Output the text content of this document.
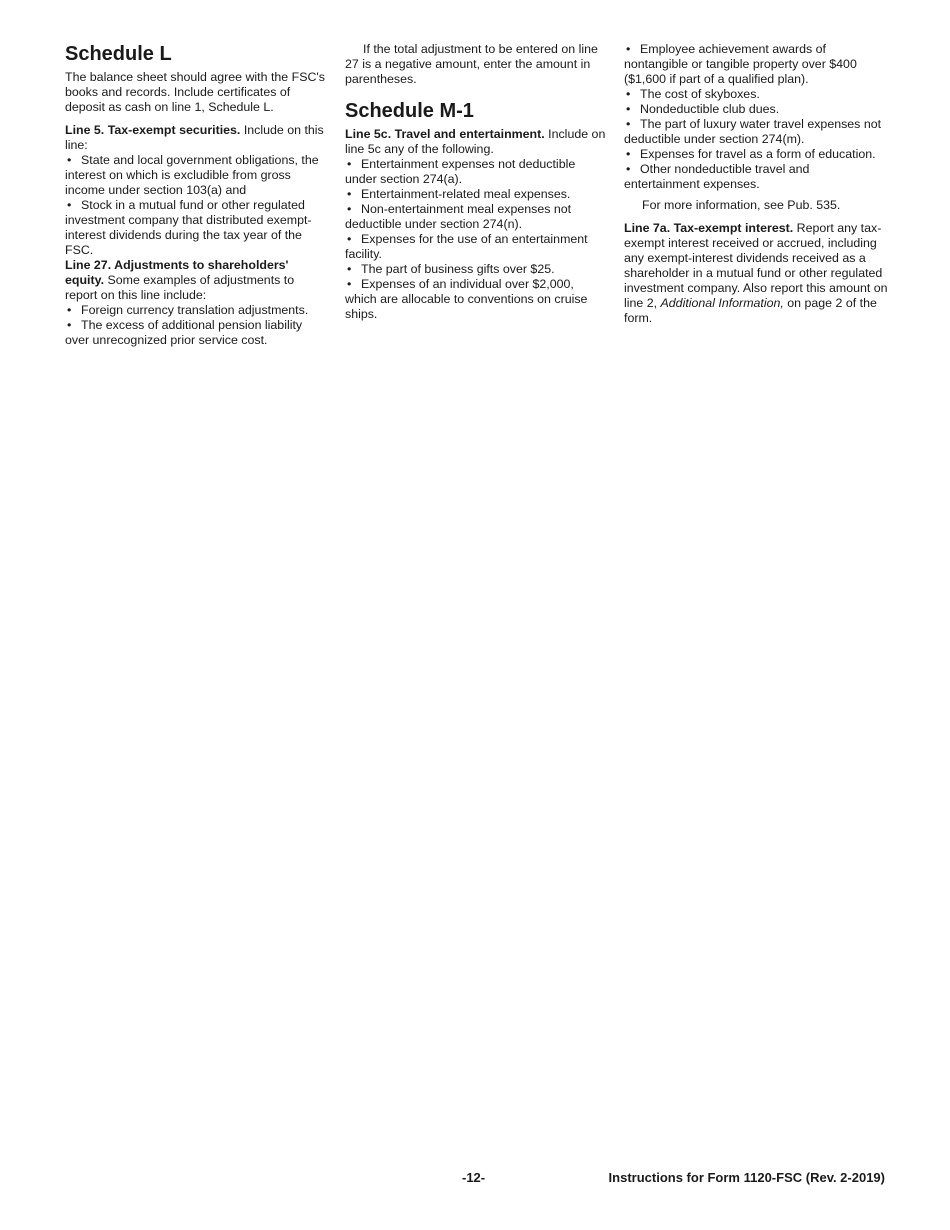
Schedule L

The balance sheet should agree with the FSC's books and records. Include certificates of deposit as cash on line 1, Schedule L.

Line 5. Tax-exempt securities. Include on this line:

•State and local government obligations, the interest on which is excludible from gross income under section 103(a) and

•Stock in a mutual fund or other regulated investment company that distributed exempt-interest dividends during the tax year of the FSC.

Line 27. Adjustments to shareholders' equity. Some examples of adjustments to report on this line include:

•Foreign currency translation adjustments.

•The excess of additional pension liability over unrecognized prior service cost.

If the total adjustment to be entered on line 27 is a negative amount, enter the amount in parentheses.

Schedule M-1

Line 5c. Travel and entertainment. Include on line 5c any of the following.

•Entertainment expenses not deductible under section 274(a).

•Entertainment-related meal expenses.

•Non-entertainment meal expenses not deductible under section 274(n).

•Expenses for the use of an entertainment facility.

•The part of business gifts over $25.

•Expenses of an individual over $2,000, which are allocable to conventions on cruise ships.

•Employee achievement awards of nontangible or tangible property over $400 ($1,600 if part of a qualified plan).

•The cost of skyboxes.

•Nondeductible club dues.

•The part of luxury water travel expenses not deductible under section 274(m).

•Expenses for travel as a form of education.

•Other nondeductible travel and entertainment expenses.

For more information, see Pub. 535.

Line 7a. Tax-exempt interest. Report any tax-exempt interest received or accrued, including any exempt-interest dividends received as a shareholder in a mutual fund or other regulated investment company. Also report this amount on line 2, Additional Information, on page 2 of the form.

-12-	Instructions for Form 1120-FSC (Rev. 2-2019)
